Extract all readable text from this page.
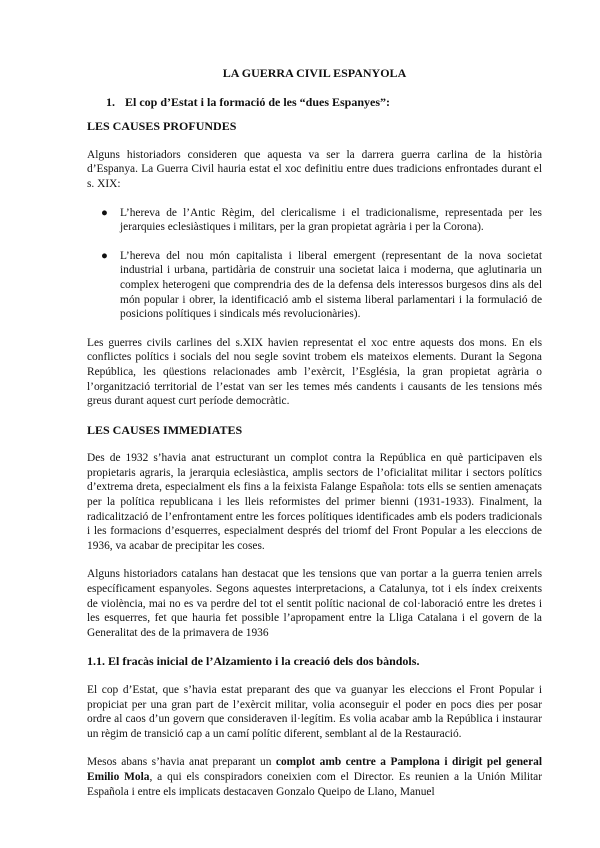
LA GUERRA CIVIL ESPANYOLA
1. El cop d’Estat i la formació de les “dues Espanyes”:
LES CAUSES PROFUNDES

Alguns historiadors consideren que aquesta va ser la darrera guerra carlina de la història d’Espanya. La Guerra Civil hauria estat el xoc definitiu entre dues tradicions enfrontades durant el s. XIX:

● L’hereva de l’Antic Règim, del clericalisme i el tradicionalisme, representada per les jerarquies eclesiàstiques i militars, per la gran propietat agrària i per la Corona).
● L’hereva del nou món capitalista i liberal emergent (representant de la nova societat industrial i urbana, partidària de construir una societat laica i moderna, que aglutinaria un complex heterogeni que comprendria des de la defensa dels interessos burgesos dins als del món popular i obrer, la identificació amb el sistema liberal parlamentari i la formulació de posicions polítiques i sindicals més revolucionàries).

Les guerres civils carlines del s.XIX havien representat el xoc entre aquests dos mons. En els conflictes polítics i socials del nou segle sovint trobem els mateixos elements. Durant la Segona República, les qüestions relacionades amb l’exèrcit, l’Església, la gran propietat agrària o l’organització territorial de l’estat van ser les temes més candents i causants de les tensions més greus durant aquest curt període democràtic.

LES CAUSES IMMEDIATES

Des de 1932 s’havia anat estructurant un complot contra la República en què participaven els propietaris agraris, la jerarquia eclesiàstica, amplis sectors de l’oficialitat militar i sectors polítics d’extrema dreta, especialment els fins a la feixista Falange Española: tots ells se sentien amenaçats per la política republicana i les lleis reformistes del primer bienni (1931-1933). Finalment, la radicalització de l’enfrontament entre les forces polítiques identificades amb els poders tradicionals i les formacions d’esquerres, especialment després del triomf del Front Popular a les eleccions de 1936, va acabar de precipitar les coses.

Alguns historiadors catalans han destacat que les tensions que van portar a la guerra tenien arrels específicament espanyoles. Segons aquestes interpretacions, a Catalunya, tot i els índex creixents de violència, mai no es va perdre del tot el sentit polític nacional de col·laboració entre les dretes i les esquerres, fet que hauria fet possible l’apropament entre la Lliga Catalana i el govern de la Generalitat des de la primavera de 1936

1.1. El fracàs inicial de l’Alzamiento i la creació dels dos bàndols.

El cop d’Estat, que s’havia estat preparant des que va guanyar les eleccions el Front Popular i propiciat per una gran part de l’exèrcit militar, volia aconseguir el poder en pocs dies per posar ordre al caos d’un govern que consideraven il·legítim. Es volia acabar amb la República i instaurar un règim de transició cap a un camí polític diferent, semblant al de la Restauració.

Mesos abans s’havia anat preparant un complot amb centre a Pamplona i dirigit pel general Emilio Mola, a qui els conspiradors coneixien com el Director. Es reunien a la Unión Militar Española i entre els implicats destacaven Gonzalo Queipo de Llano, Manuel
